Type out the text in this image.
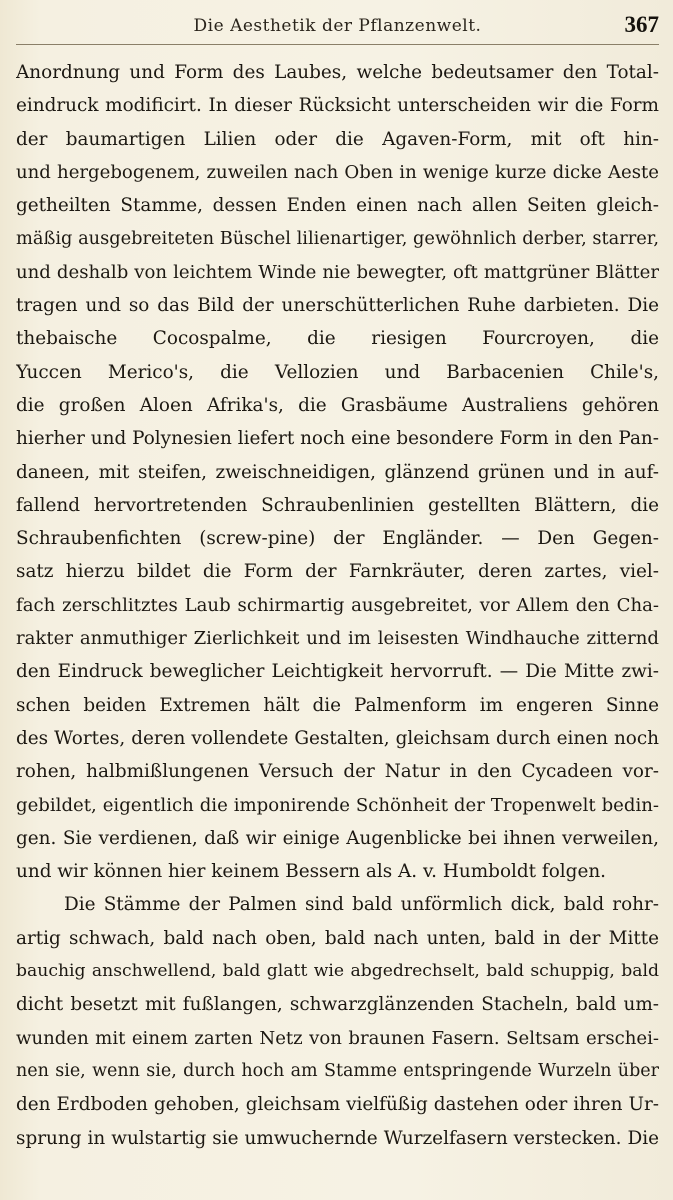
Die Aesthetik der Pflanzenwelt.	367
Anordnung und Form des Laubes, welche bedeutsamer den Total-
eindruck modificirt. In dieser Rücksicht unterscheiden wir die Form
der baumartigen Lilien oder die Agaven-Form, mit oft hin-
und hergebogenem, zuweilen nach Oben in wenige kurze dicke Aeste
getheilten Stamme, dessen Enden einen nach allen Seiten gleich-
mäßig ausgebreiteten Büschel lilienartiger, gewöhnlich derber, starrer,
und deshalb von leichtem Winde nie bewegter, oft mattgrüner Blätter
tragen und so das Bild der unerschütterlichen Ruhe darbieten. Die
thebaische Cocospalme, die riesigen Fourcroyen, die
Yuccen Merico's, die Vellozien und Barbacenien Chile's,
die großen Aloen Afrika's, die Grasbäume Australiens gehören
hierher und Polynesien liefert noch eine besondere Form in den Pan-
daneen, mit steifen, zweischneidigen, glänzend grünen und in auf-
fallend hervortretenden Schraubenlinien gestellten Blättern, die
Schraubenfichten (screw-pine) der Engländer. — Den Gegen-
satz hierzu bildet die Form der Farnkräuter, deren zartes, viel-
fach zerschlitztes Laub schirmartig ausgebreitet, vor Allem den Cha-
rakter anmuthiger Zierlichkeit und im leisesten Windhauche zitternd
den Eindruck beweglicher Leichtigkeit hervorruft. — Die Mitte zwi-
schen beiden Extremen hält die Palmenform im engeren Sinne
des Wortes, deren vollendete Gestalten, gleichsam durch einen noch
rohen, halbmißlungenen Versuch der Natur in den Cycadeen vor-
gebildet, eigentlich die imponirende Schönheit der Tropenwelt bedin-
gen. Sie verdienen, daß wir einige Augenblicke bei ihnen verweilen,
und wir können hier keinem Bessern als A. v. Humboldt folgen.
Die Stämme der Palmen sind bald unförmlich dick, bald rohr-
artig schwach, bald nach oben, bald nach unten, bald in der Mitte
bauchig anschwellend, bald glatt wie abgedrechselt, bald schuppig, bald
dicht besetzt mit fußlangen, schwarzglänzenden Stacheln, bald um-
wunden mit einem zarten Netz von braunen Fasern. Seltsam erschei-
nen sie, wenn sie, durch hoch am Stamme entspringende Wurzeln über
den Erdboden gehoben, gleichsam vielfüßig dastehen oder ihren Ur-
sprung in wulstartig sie umwuchernde Wurzelfasern verstecken. Die
